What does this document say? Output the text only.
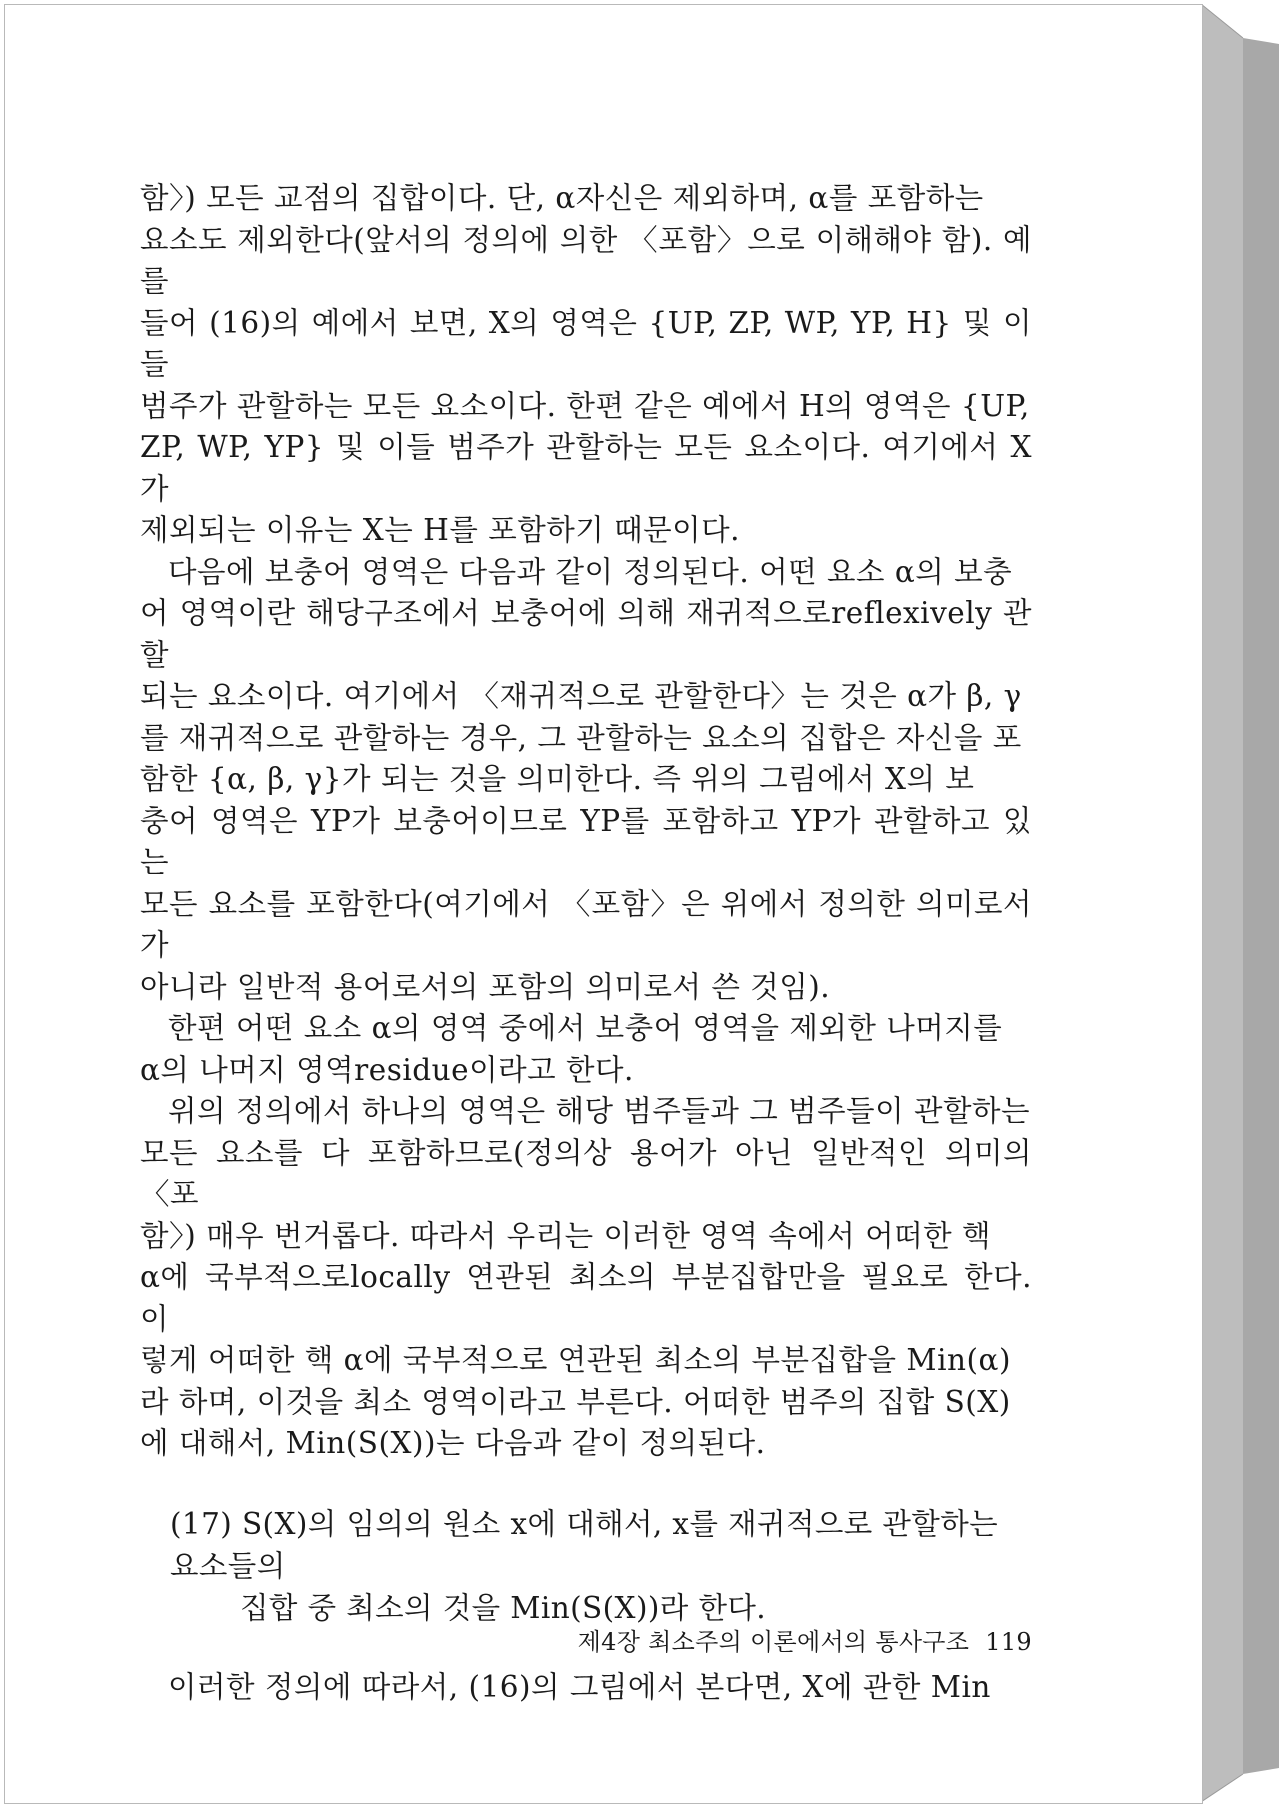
함〉) 모든 교점의 집합이다. 단, α자신은 제외하며, α를 포함하는
요소도 제외한다(앞서의 정의에 의한 〈포함〉으로 이해해야 함). 예를
들어 (16)의 예에서 보면, X의 영역은 {UP, ZP, WP, YP, H} 및 이들
범주가 관할하는 모든 요소이다. 한편 같은 예에서 H의 영역은 {UP,
ZP, WP, YP} 및 이들 범주가 관할하는 모든 요소이다. 여기에서 X가
제외되는 이유는 X는 H를 포함하기 때문이다.

다음에 보충어 영역은 다음과 같이 정의된다. 어떤 요소 α의 보충
어 영역이란 해당구조에서 보충어에 의해 재귀적으로reflexively 관할
되는 요소이다. 여기에서 〈재귀적으로 관할한다〉는 것은 α가 β, γ
를 재귀적으로 관할하는 경우, 그 관할하는 요소의 집합은 자신을 포
함한 {α, β, γ}가 되는 것을 의미한다. 즉 위의 그림에서 X의 보
충어 영역은 YP가 보충어이므로 YP를 포함하고 YP가 관할하고 있는
모든 요소를 포함한다(여기에서 〈포함〉은 위에서 정의한 의미로서가
아니라 일반적 용어로서의 포함의 의미로서 쓴 것임).

한편 어떤 요소 α의 영역 중에서 보충어 영역을 제외한 나머지를
α의 나머지 영역residue이라고 한다.

위의 정의에서 하나의 영역은 해당 범주들과 그 범주들이 관할하는
모든 요소를 다 포함하므로(정의상 용어가 아닌 일반적인 의미의 〈포
함〉) 매우 번거롭다. 따라서 우리는 이러한 영역 속에서 어떠한 핵
α에 국부적으로locally 연관된 최소의 부분집합만을 필요로 한다. 이
렇게 어떠한 핵 α에 국부적으로 연관된 최소의 부분집합을 Min(α)
라 하며, 이것을 최소 영역이라고 부른다. 어떠한 범주의 집합 S(X)
에 대해서, Min(S(X))는 다음과 같이 정의된다.

(17) S(X)의 임의의 원소 x에 대해서, x를 재귀적으로 관할하는 요소들의
집합 중 최소의 것을 Min(S(X))라 한다.

이러한 정의에 따라서, (16)의 그림에서 본다면, X에 관한 Min

제4장 최소주의 이론에서의 통사구조 119
